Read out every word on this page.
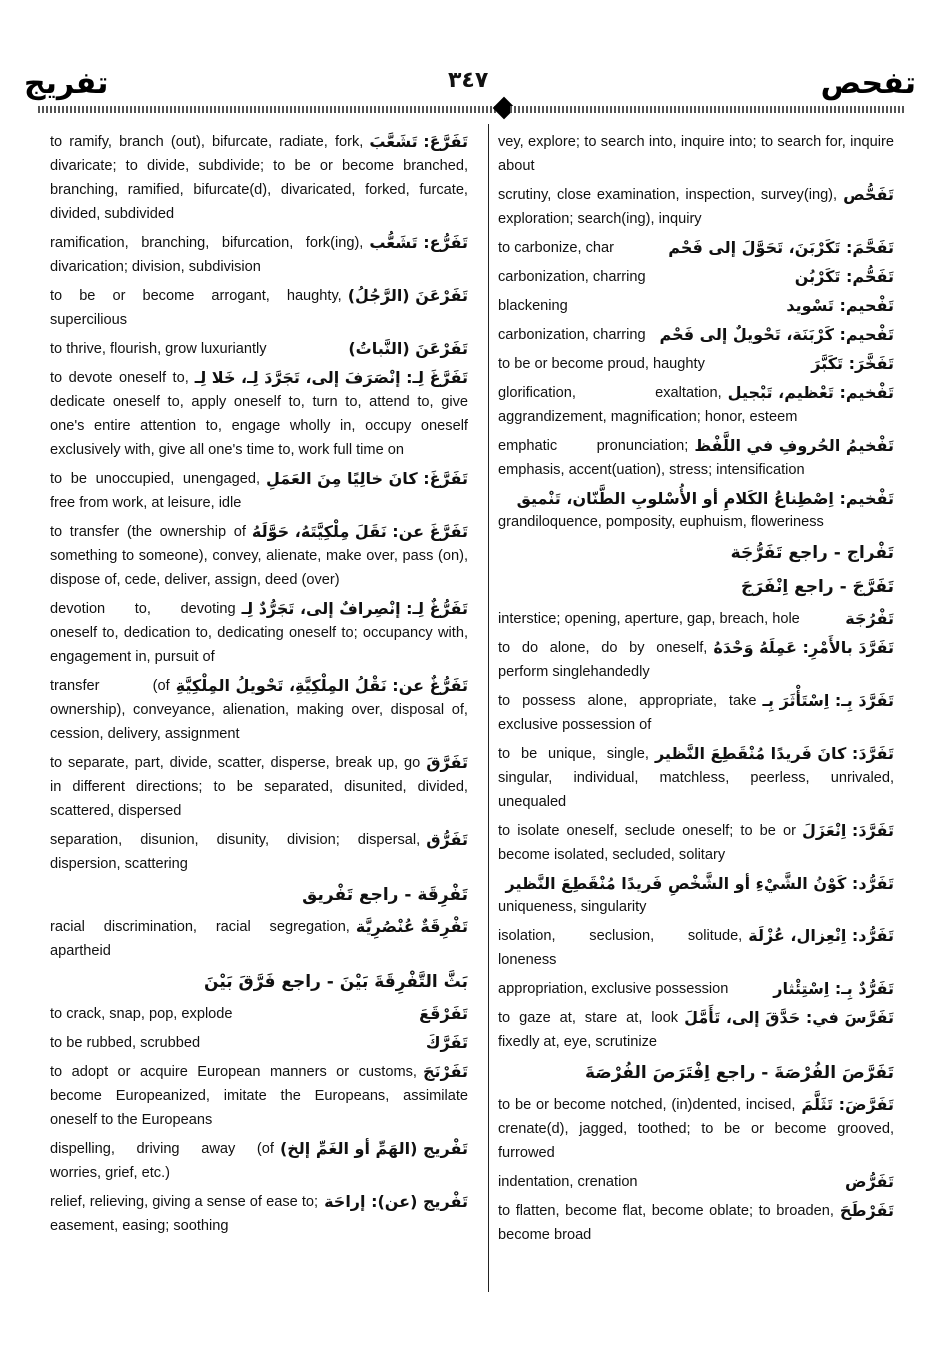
تفريج	٣٤٧	تفحص

تَفَرَّعَ: تَشَعَّبَ
to ramify, branch (out), bifurcate, radiate, fork, divaricate; to divide, subdivide; to be or become branched, branching, ramified, bifurcate(d), divaricated, forked, furcate, divided, subdivided

تَفَرُّع: تَشَعُّب
ramification, branching, bifurcation, fork(ing), divarication; division, subdivision

تَفَرْعَنَ (الرَّجُلُ)
to be or become arrogant, haughty, supercilious

تَفَرْعَنَ (النَّباتُ)
to thrive, flourish, grow luxuriantly

تَفَرَّغَ لِـ: إنْصَرَفَ إلى، تَجَرَّدَ لِـ، خَلا لِـ
to devote oneself to, dedicate oneself to, apply oneself to, turn to, attend to, give one's entire attention to, engage wholly in, occupy oneself exclusively with, give all one's time to, work full time on

تَفَرَّغَ: كانَ خالِيًا مِنَ العَمَلِ
to be unoccupied, unengaged, free from work, at leisure, idle

تَفَرَّغَ عن: نَقَلَ مِلْكِيَّتَهُ، حَوَّلَهُ
to transfer (the ownership of something to someone), convey, alienate, make over, pass (on), dispose of, cede, deliver, assign, deed (over)

تَفَرُّغٌ لِـ: إنْصِرافٌ إلى، تَجَرُّدٌ لِـ
devotion to, devoting oneself to, dedication to, dedicating oneself to; occupancy with, engagement in, pursuit of

تَفَرُّغٌ عن: نَقْلُ المِلْكِيَّةِ، تَحْويلُ المِلْكِيَّةِ
transfer (of ownership), conveyance, alienation, making over, disposal of, cession, delivery, assignment

تَفَرَّقَ
to separate, part, divide, scatter, disperse, break up, go in different directions; to be separated, disunited, divided, scattered, dispersed

تَفَرُّق
separation, disunion, disunity, division; dispersal, dispersion, scattering

تَفْرِقَة - راجع تَفْريق

تَفْرِقَةٌ عُنْصُرِيَّة
racial discrimination, racial segregation, apartheid

بَثَّ التَّفْرِقَةَ بَيْنَ - راجع فَرَّقَ بَيْنَ

تَفَرْقَعَ
to crack, snap, pop, explode

تَفَرَّكَ
to be rubbed, scrubbed

تَفَرْنَجَ
to adopt or acquire European manners or customs, become Europeanized, imitate the Europeans, assimilate oneself to the Europeans

تَفْريج (الهَمِّ أو الغَمِّ إلخ)
dispelling, driving away (of worries, grief, etc.)

تَفْريج (عن): إراحَة
relief, relieving, giving a sense of ease to; easement, easing; soothing

vey, explore; to search into, inquire into; to search for, inquire about

تَفَحُّص
scrutiny, close examination, inspection, survey(ing), exploration; search(ing), inquiry

تَفَحَّمَ: تَكَرْبَنَ، تَحَوَّلَ إلى فَحْم
to carbonize, char

تَفَحُّم: تَكَرْبُن
carbonization, charring

تَفْحيم: تَسْويد
blackening

تَفْحيم: كَرْبَنَة، تَحْويلٌ إلى فَحْم
carbonization, charring

تَفَخَّرَ: تَكَبَّرَ
to be or become proud, haughty

تَفْخيم: تَعْظيم، تَبْجيل
glorification, exaltation, aggrandizement, magnification; honor, esteem

تَفْخيمُ الحُروفِ في اللَّفْظ
emphatic pronunciation; emphasis, accent(uation), stress; intensification

تَفْخيم: اِصْطِناعُ الكَلامِ أو الأُسْلوبِ الطَّنّان، تَنْميق
grandiloquence, pomposity, euphuism, floweriness

تَفْراج - راجع تَفَرُّجَة

تَفَرَّجَ - راجع اِنْفَرَجَ

تَفْرُجَة
interstice; opening, aperture, gap, breach, hole

تَفَرَّدَ بالأَمْرِ: عَمِلَهُ وَحْدَهُ
to do alone, do by oneself, perform singlehandedly

تَفَرَّدَ بِـ: اِسْتَأْثَرَ بِـ
to possess alone, appropriate, take exclusive possession of

تَفَرَّدَ: كانَ فَريدًا مُنْقَطِعَ النَّظير
to be unique, single, singular, individual, matchless, peerless, unrivaled, unequaled

تَفَرَّدَ: اِنْعَزَلَ
to isolate oneself, seclude oneself; to be or become isolated, secluded, solitary

تَفَرُّد: كَوْنُ الشَّيْءِ أو الشَّخْصِ فَريدًا مُنْقَطِعَ النَّظير
uniqueness, singularity

تَفَرُّد: اِنْعِزال، عُزْلَة
isolation, seclusion, solitude, loneness

تَفَرُّدٌ بِـ: اِسْتِئْثار
appropriation, exclusive possession

تَفَرَّسَ في: حَدَّقَ إلى، تَأَمَّلَ
to gaze at, stare at, look fixedly at, eye, scrutinize

تَفَرَّصَ الفُرْصَةَ - راجع اِفْتَرَصَ الفُرْصَةَ

تَفَرَّضَ: تَثَلَّمَ
to be or become notched, (in)dented, incised, crenate(d), jagged, toothed; to be or become grooved, furrowed

تَفَرُّض
indentation, crenation

تَفَرْطَحَ
to flatten, become flat, become oblate; to broaden, become broad
